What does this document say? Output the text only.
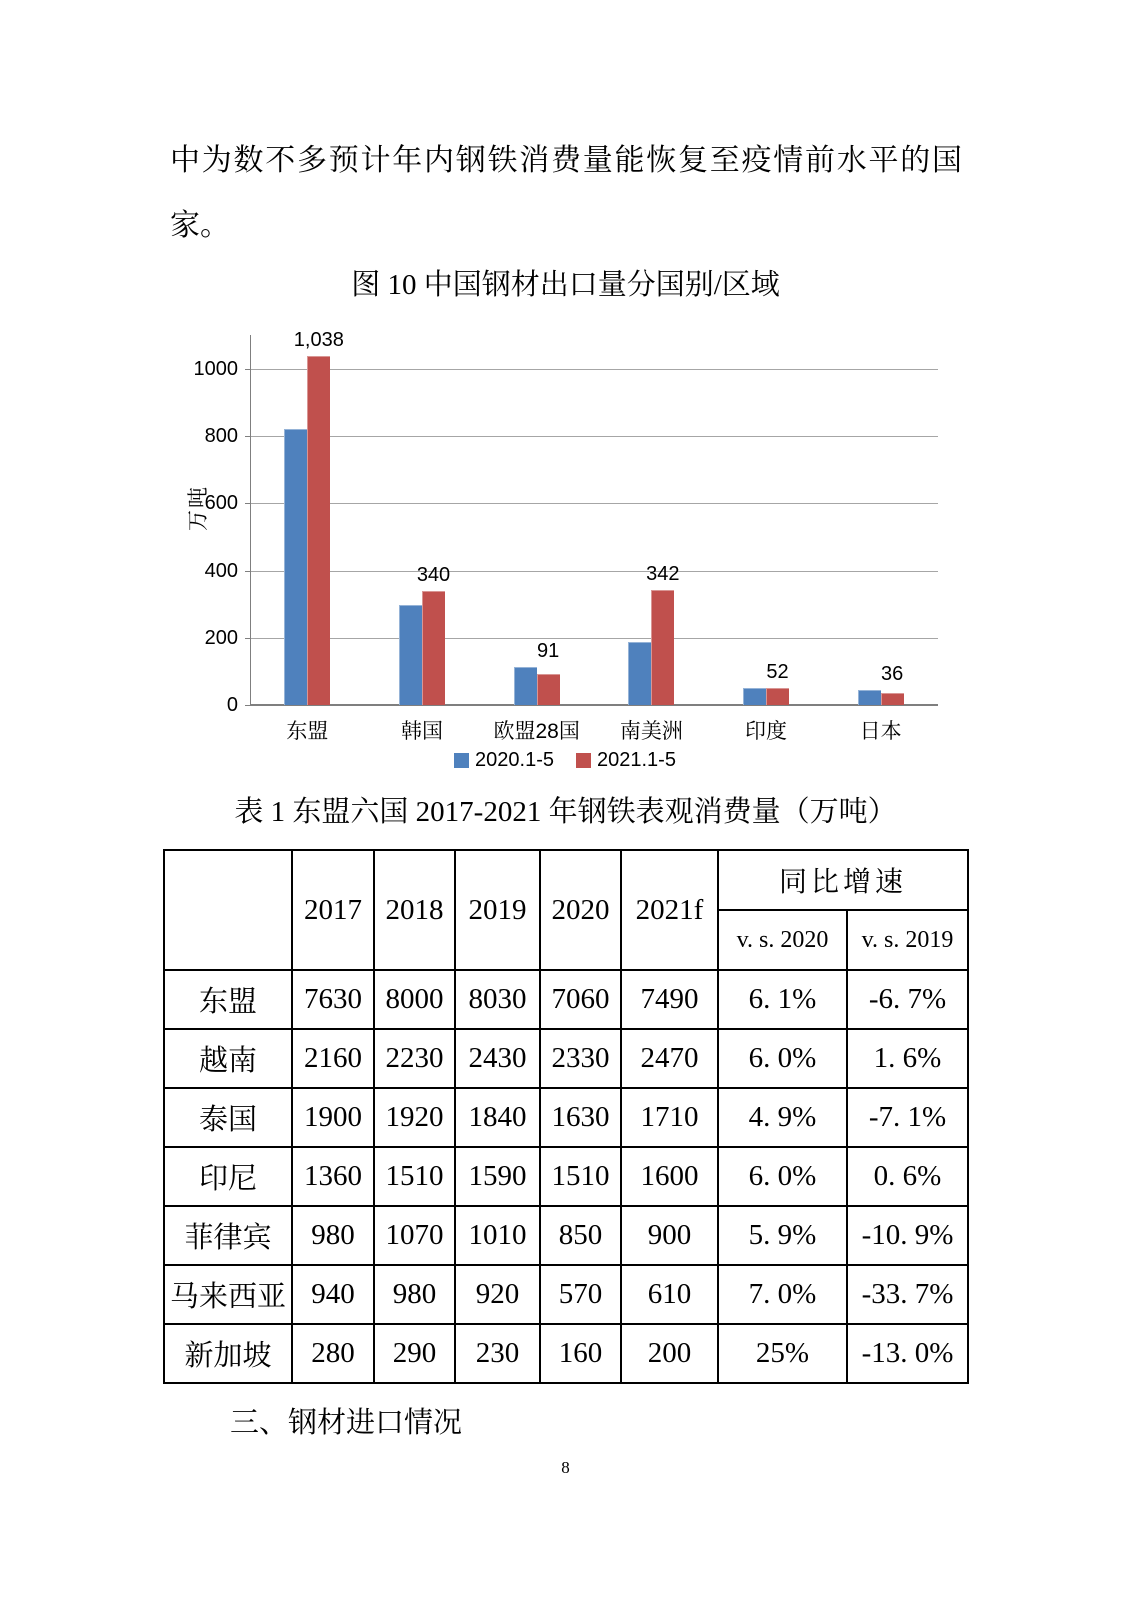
中为数不多预计年内钢铁消费量能恢复至疫情前水平的国
家。
图 10 中国钢材出口量分国别/区域
万吨
2020.1-5 2021.1-5
0
200
400
600
800
1000
1,038
东盟
340
韩国
91
欧盟28国
342
南美洲
52
印度
36
日本
表 1 东盟六国 2017-2021 年钢铁表观消费量（万吨）
	2017	2018	2019	2020	2021f	同比增速	
						v. s. 2020	v. s. 2019
东盟	7630	8000	8030	7060	7490	6. 1%	-6. 7%
越南	2160	2230	2430	2330	2470	6. 0%	1. 6%
泰国	1900	1920	1840	1630	1710	4. 9%	-7. 1%
印尼	1360	1510	1590	1510	1600	6. 0%	0. 6%
菲律宾	980	1070	1010	850	900	5. 9%	-10. 9%
马来西亚	940	980	920	570	610	7. 0%	-33. 7%
新加坡	280	290	230	160	200	25%	-13. 0%
三、钢材进口情况
8
